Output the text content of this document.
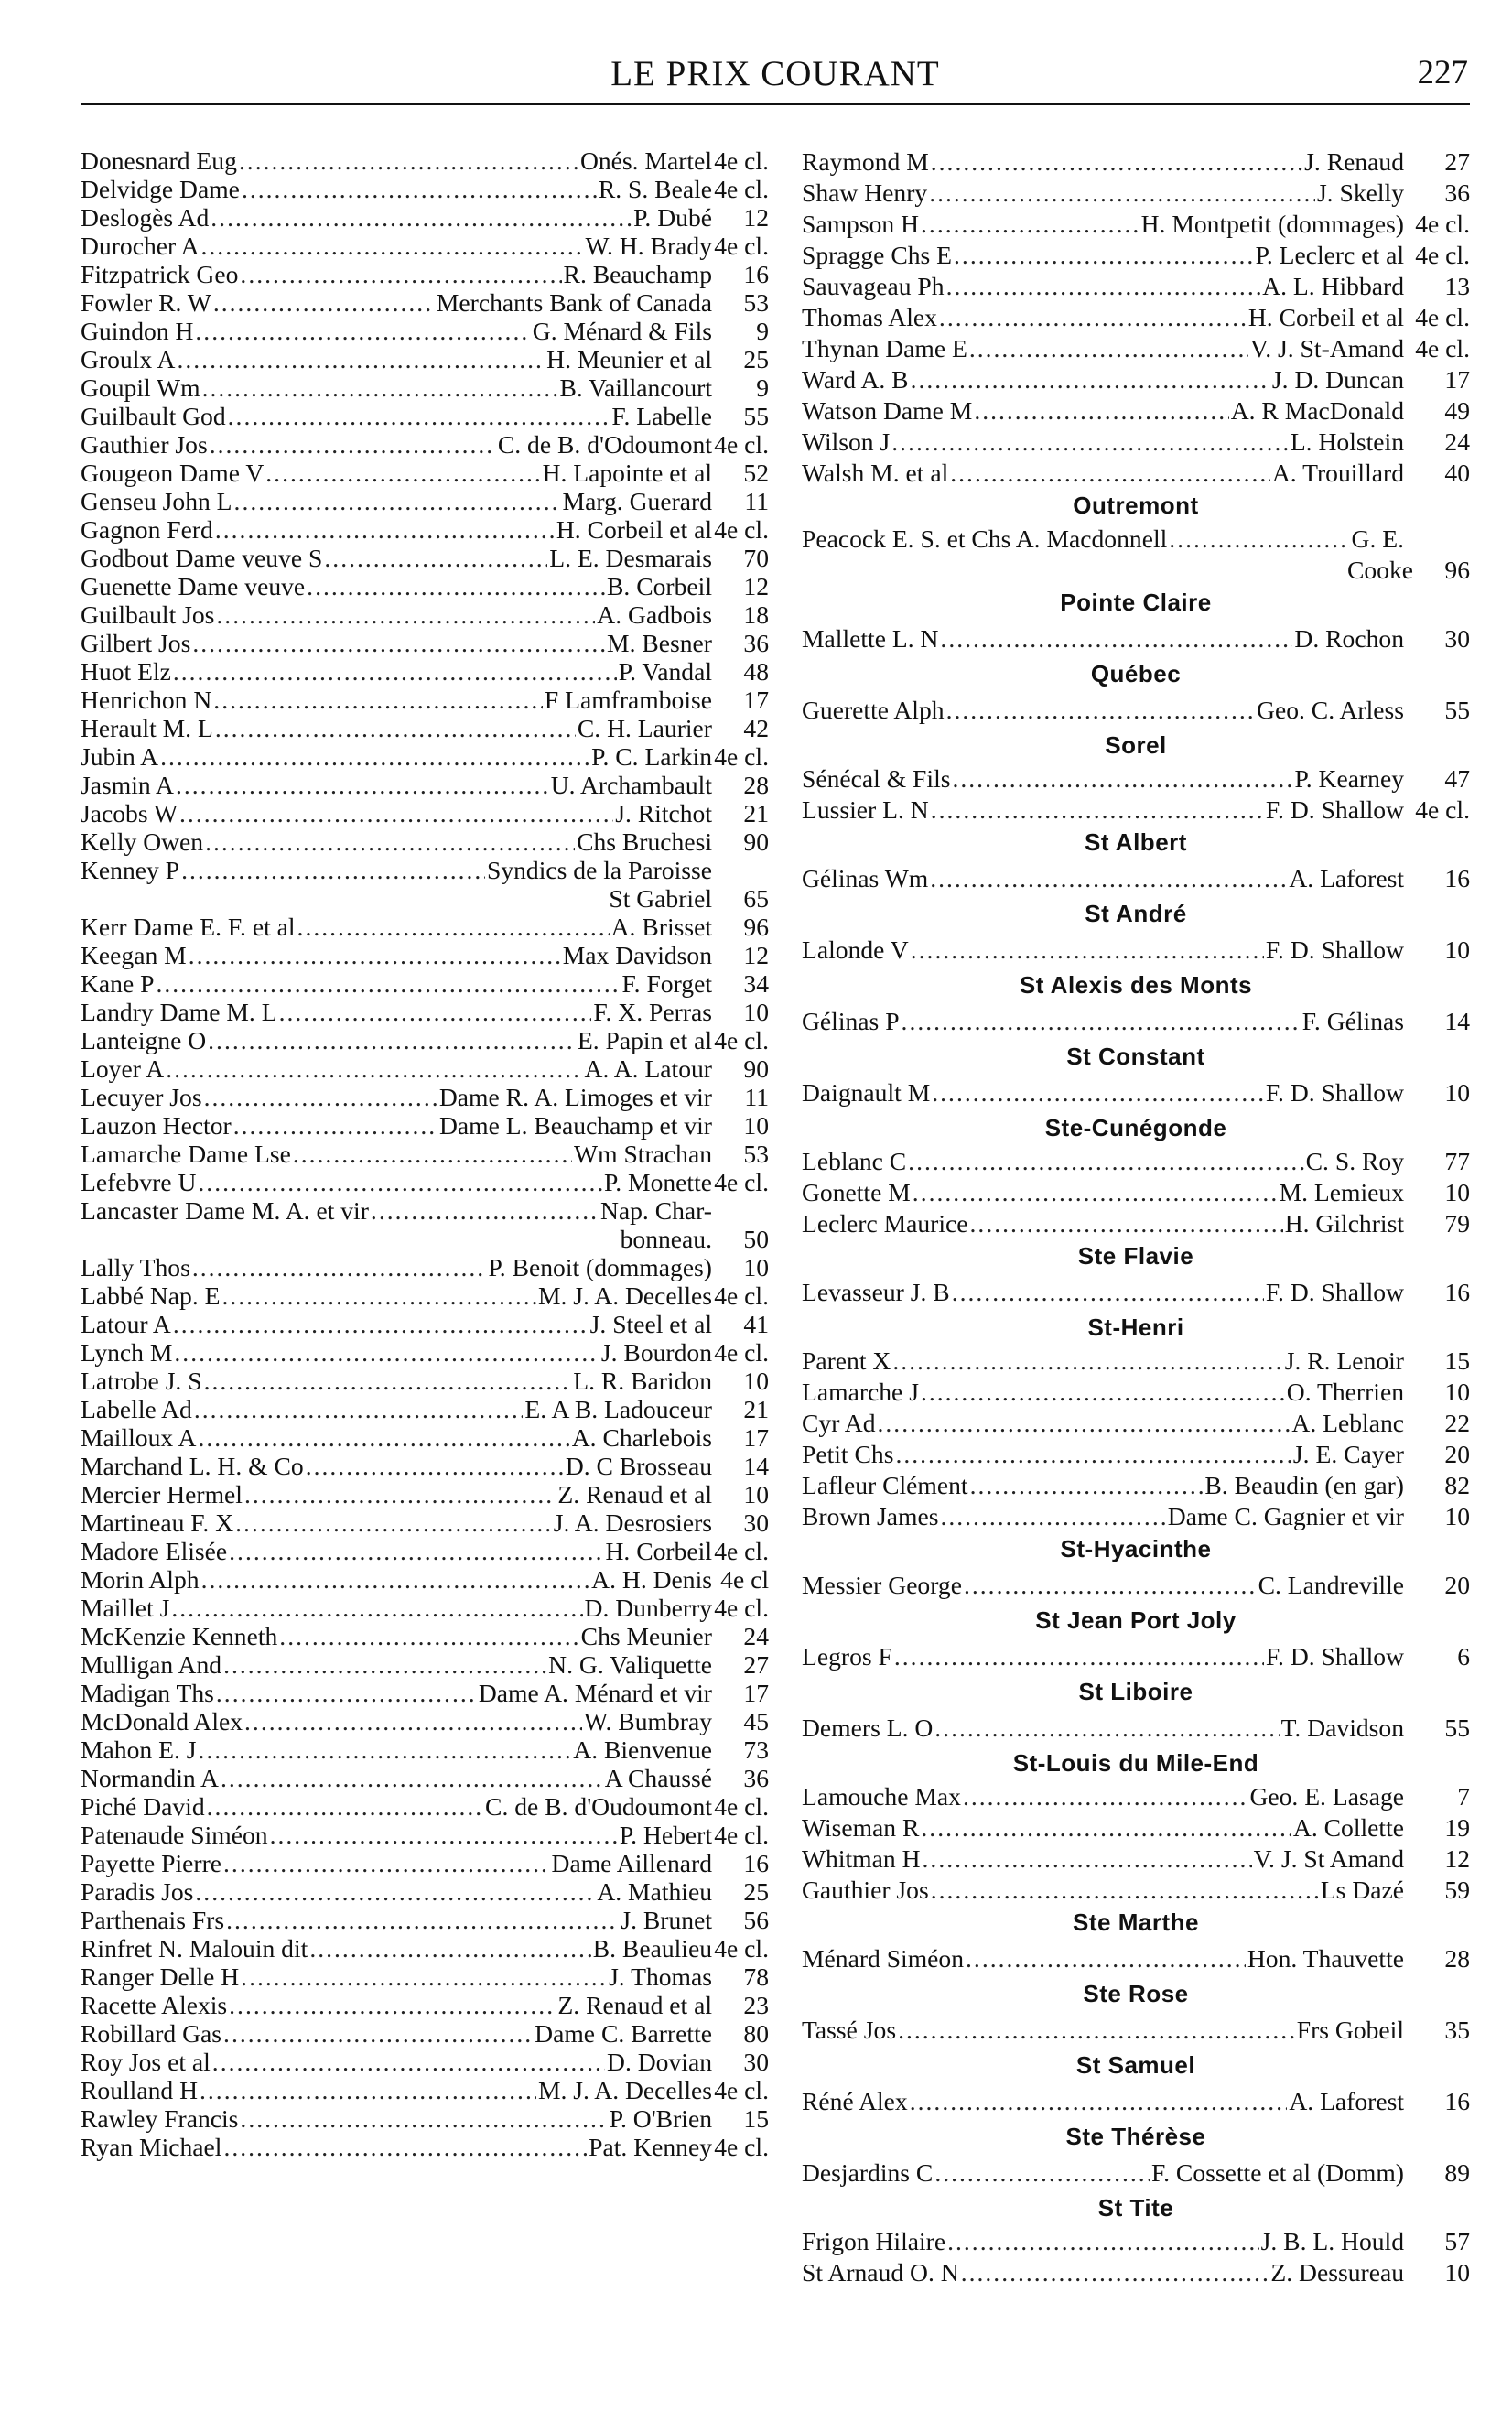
LE PRIX COURANT	227
Donesnard Eug .....	Onés. Martel 4e cl.
Delvidge Dame .....	R. S. Beale 4e cl.
Deslogès Ad .....	P. Dubé	12
Durocher A .....	W. H. Brady 4e cl.
Fitzpatrick Geo .....	R. Beauchamp	16
Fowler R. W .....	Merchants Bank of Canada	53
Guindon H .....	G. Ménard & Fils	9
Groulx A .....	H. Meunier et al	25
Goupil Wm .....	B. Vaillancourt	9
Guilbault God .....	F. Labelle	55
Gauthier Jos .....	C. de B. d'Odoumont 4e cl.
Gougeon Dame V .....	H. Lapointe et al	52
Genseu John L .....	Marg. Guerard	11
Gagnon Ferd .....	H. Corbeil et al 4e cl.
Godbout Dame veuve S .....	L. E. Desmarais	70
Guenette Dame veuve .....	B. Corbeil	12
Guilbault Jos .....	A. Gadbois	18
Gilbert Jos .....	M. Besner	36
Huot Elz .....	P. Vandal	48
Henrichon N .....	F Lamframboise	17
Herault M. L .....	C. H. Laurier	42
Jubin A .....	P. C. Larkin 4e cl.
Jasmin A .....	U. Archambault	28
Jacobs W .....	J. Ritchot	21
Kelly Owen .....	Chs Bruchesi	90
Kenney P .....	Syndics de la Paroisse
St Gabriel	65
Kerr Dame E. F. et al .....	A. Brisset	96
Keegan M .....	Max Davidson	12
Kane P .....	F. Forget	34
Landry Dame M. L .....	F. X. Perras	10
Lanteigne O .....	E. Papin et al 4e cl.
Loyer A .....	A. A. Latour	90
Lecuyer Jos .....	Dame R. A. Limoges et vir	11
Lauzon Hector .....	Dame L. Beauchamp et vir	10
Lamarche Dame Lse .....	Wm Strachan	53
Lefebvre U .....	P. Monette 4e cl.
Lancaster Dame M. A. et vir .....	Nap. Char-
bonneau.	50
Lally Thos .....	P. Benoit (dommages)	10
Labbé Nap. E .....	M. J. A. Decelles 4e cl.
Latour A .....	J. Steel et al	41
Lynch M .....	J. Bourdon 4e cl.
Latrobe J. S .....	L. R. Baridon	10
Labelle Ad .....	E. A B. Ladouceur	21
Mailloux A .....	A. Charlebois	17
Marchand L. H. & Co .....	D. C Brosseau	14
Mercier Hermel .....	Z. Renaud et al	10
Martineau F. X .....	J. A. Desrosiers	30
Madore Elisée .....	H. Corbeil 4e cl.
Morin Alph .....	A. H. Denis 4e cl
Maillet J .....	D. Dunberry 4e cl.
McKenzie Kenneth .....	Chs Meunier	24
Mulligan And .....	N. G. Valiquette	27
Madigan Ths .....	Dame A. Ménard et vir	17
McDonald Alex .....	W. Bumbray	45
Mahon E. J .....	A. Bienvenue	73
Normandin A .....	A Chaussé	36
Piché David .....	C. de B. d'Oudoumont 4e cl.
Patenaude Siméon .....	P. Hebert 4e cl.
Payette Pierre .....	Dame Aillenard	16
Paradis Jos .....	A. Mathieu	25
Parthenais Frs .....	J. Brunet	56
Rinfret N. Malouin dit .....	B. Beaulieu 4e cl.
Ranger Delle H .....	J. Thomas	78
Racette Alexis .....	Z. Renaud et al	23
Robillard Gas .....	Dame C. Barrette	80
Roy Jos et al .....	D. Dovian	30
Roulland H .....	M. J. A. Decelles 4e cl.
Rawley Francis .....	P. O'Brien	15
Ryan Michael .....	Pat. Kenney 4e cl.
Raymond M .....	J. Renaud	27
Shaw Henry .....	J. Skelly	36
Sampson H .....	H. Montpetit (dommages) 4e cl.
Spragge Chs E .....	P. Leclerc et al 4e cl.
Sauvageau Ph .....	A. L. Hibbard	13
Thomas Alex .....	H. Corbeil et al 4e cl.
Thynan Dame E .....	V. J. St-Amand 4e cl.
Ward A. B .....	J. D. Duncan	17
Watson Dame M .....	A. R MacDonald	49
Wilson J .....	L. Holstein	24
Walsh M. et al .....	A. Trouillard	40
Outremont
Peacock E. S. et Chs A. Macdonnell .....	G. E.
Cooke	96
Pointe Claire
Mallette L. N .....	D. Rochon	30
Québec
Guerette Alph .....	Geo. C. Arless	55
Sorel
Sénécal & Fils .....	P. Kearney	47
Lussier L. N .....	F. D. Shallow 4e cl.
St Albert
Gélinas Wm .....	A. Laforest	16
St André
Lalonde V .....	F. D. Shallow	10
St Alexis des Monts
Gélinas P .....	F. Gélinas	14
St Constant
Daignault M .....	F. D. Shallow	10
Ste-Cunégonde
Leblanc C .....	C. S. Roy	77
Gonette M .....	M. Lemieux	10
Leclerc Maurice .....	H. Gilchrist	79
Ste Flavie
Levasseur J. B .....	F. D. Shallow	16
St-Henri
Parent X .....	J. R. Lenoir	15
Lamarche J .....	O. Therrien	10
Cyr Ad .....	A. Leblanc	22
Petit Chs .....	J. E. Cayer	20
Lafleur Clément .....	B. Beaudin (en gar)	82
Brown James .....	Dame C. Gagnier et vir	10
St-Hyacinthe
Messier George .....	C. Landreville	20
St Jean Port Joly
Legros F .....	F. D. Shallow	6
St Liboire
Demers L. O .....	T. Davidson	55
St-Louis du Mile-End
Lamouche Max .....	Geo. E. Lasage	7
Wiseman R .....	A. Collette	19
Whitman H .....	V. J. St Amand	12
Gauthier Jos .....	Ls Dazé	59
Ste Marthe
Ménard Siméon .....	Hon. Thauvette	28
Ste Rose
Tassé Jos .....	Frs Gobeil	35
St Samuel
Réné Alex .....	A. Laforest	16
Ste Thérèse
Desjardins C .....	F. Cossette et al (Domm)	89
St Tite
Frigon Hilaire .....	J. B. L. Hould	57
St Arnaud O. N .....	Z. Dessureau	10
